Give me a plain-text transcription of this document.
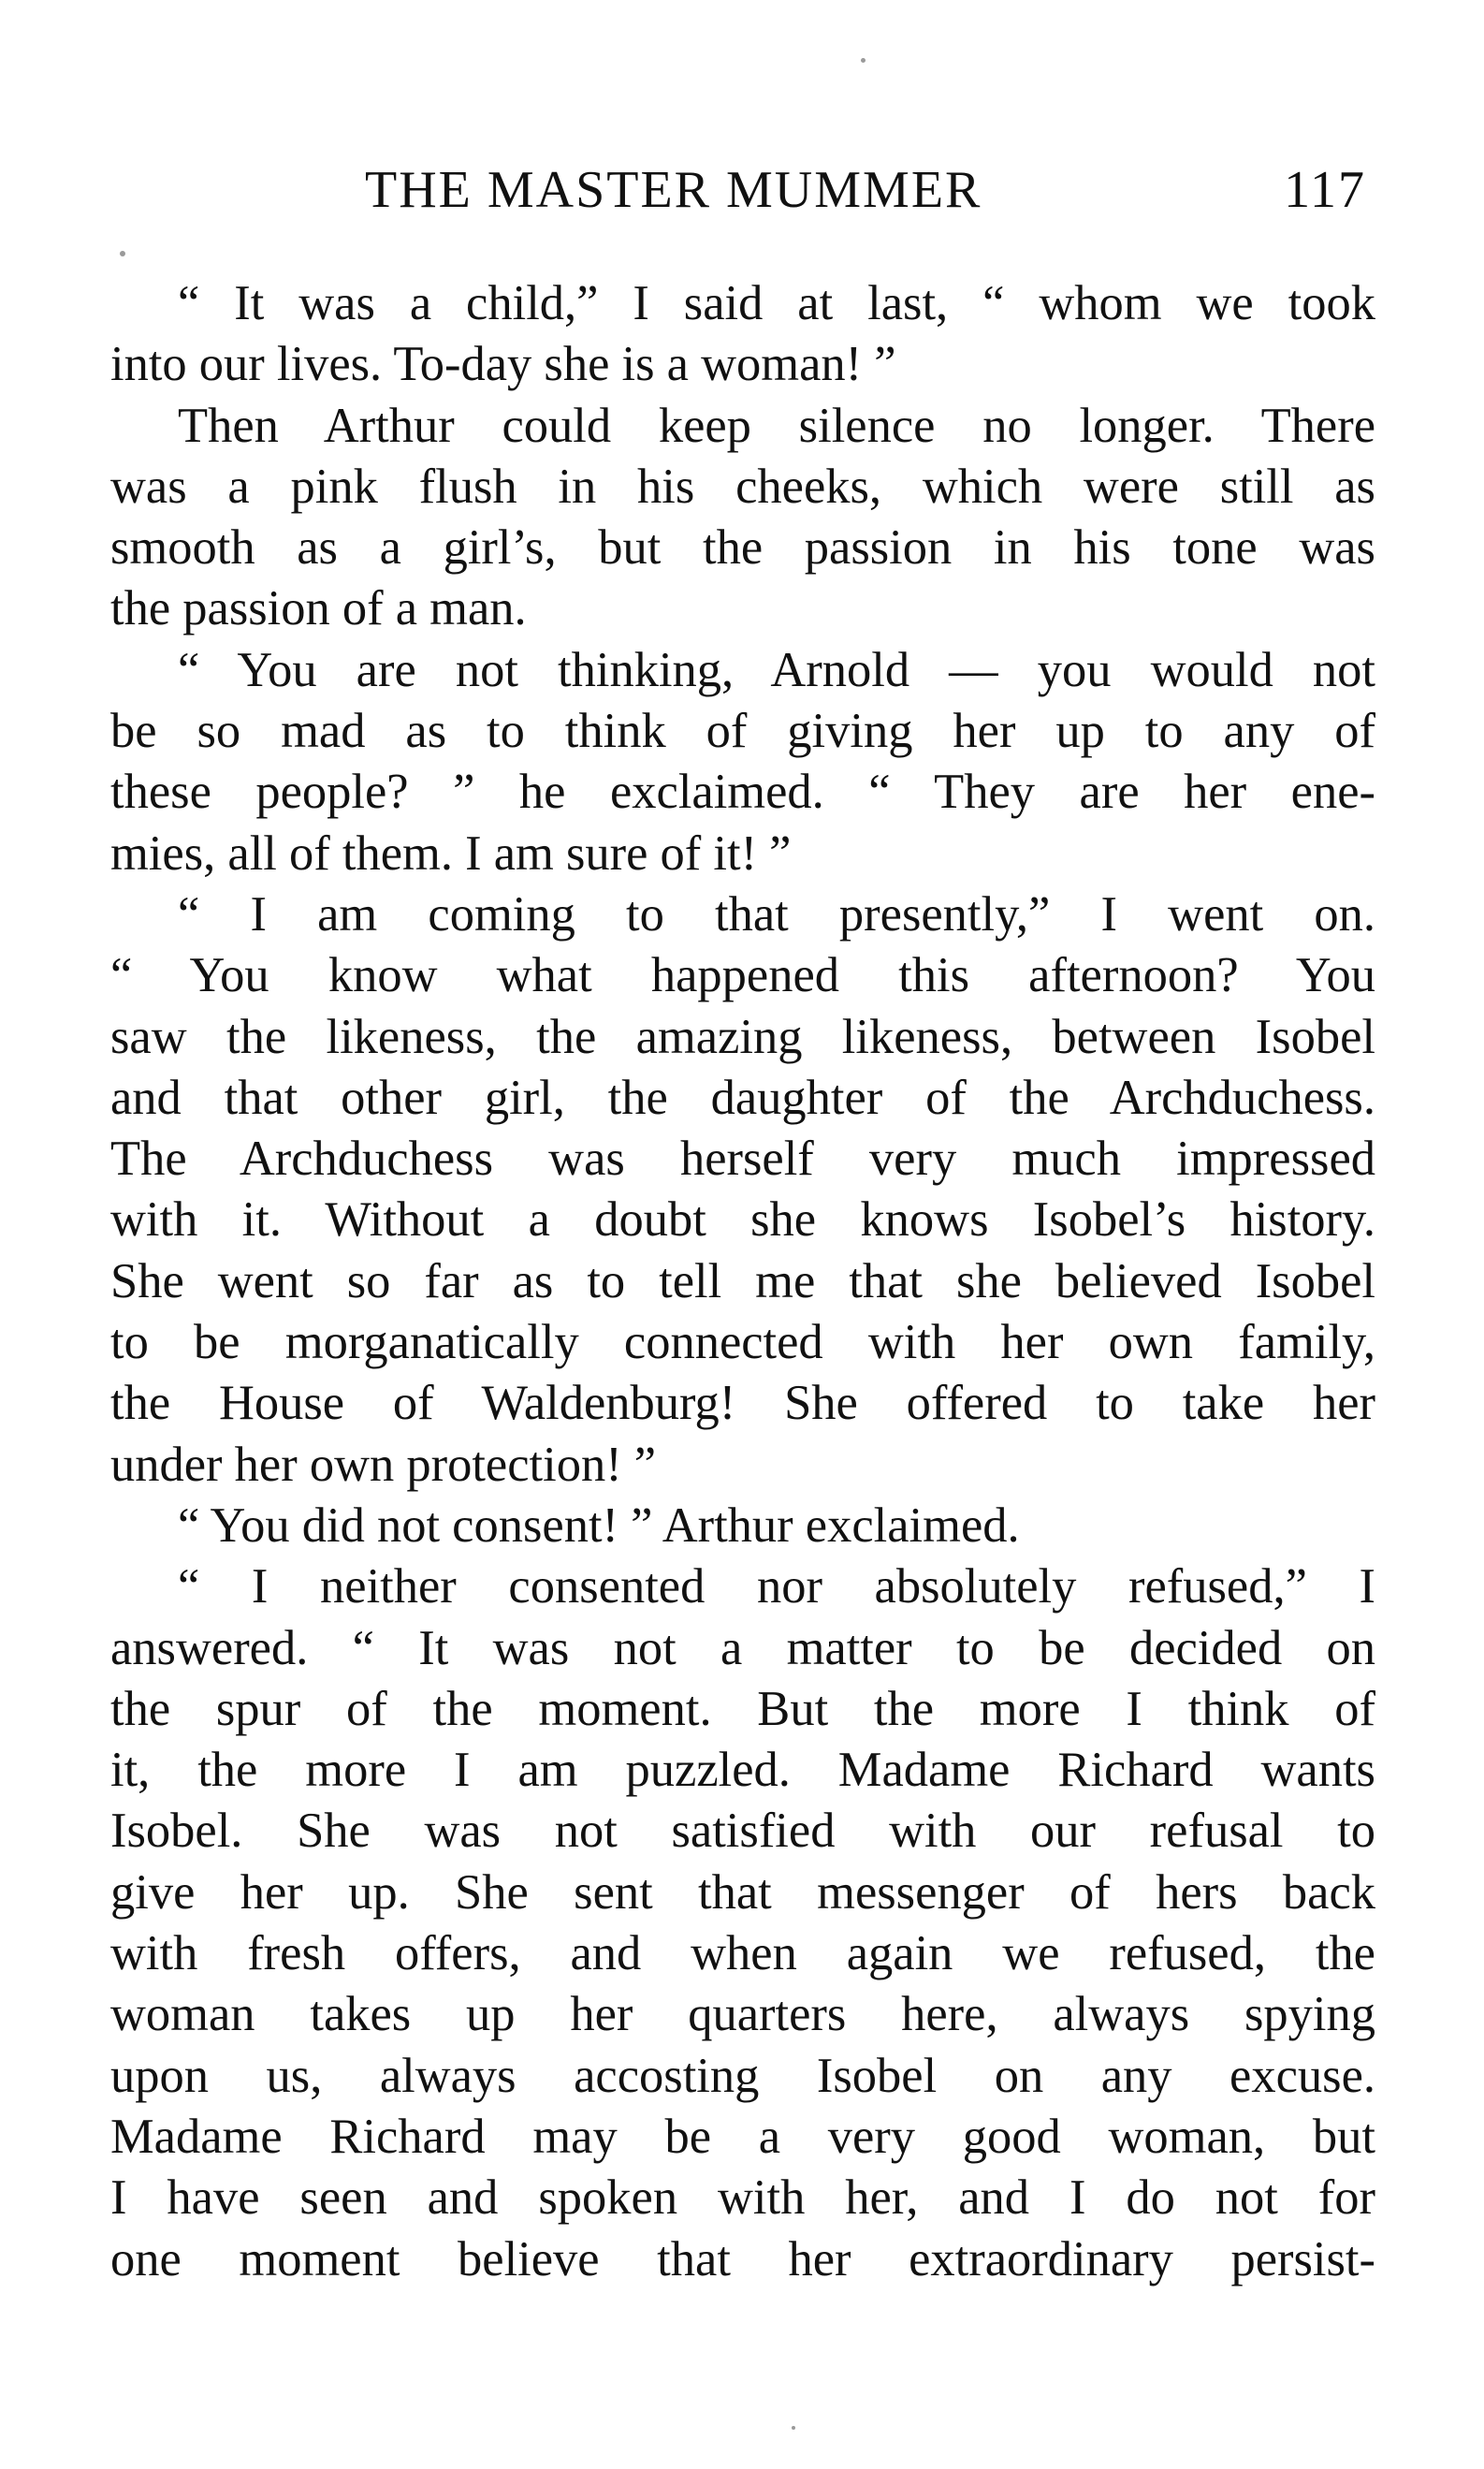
THE MASTER MUMMER	117
“ It was a child,” I said at last, “ whom we took
into our lives. To-day she is a woman! ”
Then Arthur could keep silence no longer. There
was a pink flush in his cheeks, which were still as
smooth as a girl’s, but the passion in his tone was
the passion of a man.
“ You are not thinking, Arnold — you would not
be so mad as to think of giving her up to any of
these people? ” he exclaimed. “ They are her ene-
mies, all of them. I am sure of it! ”
“ I am coming to that presently,” I went on.
“ You know what happened this afternoon? You
saw the likeness, the amazing likeness, between Isobel
and that other girl, the daughter of the Archduchess.
The Archduchess was herself very much impressed
with it. Without a doubt she knows Isobel’s history.
She went so far as to tell me that she believed Isobel
to be morganatically connected with her own family,
the House of Waldenburg! She offered to take her
under her own protection! ”
“ You did not consent! ” Arthur exclaimed.
“ I neither consented nor absolutely refused,” I
answered. “ It was not a matter to be decided on
the spur of the moment. But the more I think of
it, the more I am puzzled. Madame Richard wants
Isobel. She was not satisfied with our refusal to
give her up. She sent that messenger of hers back
with fresh offers, and when again we refused, the
woman takes up her quarters here, always spying
upon us, always accosting Isobel on any excuse.
Madame Richard may be a very good woman, but
I have seen and spoken with her, and I do not for
one moment believe that her extraordinary persist-
